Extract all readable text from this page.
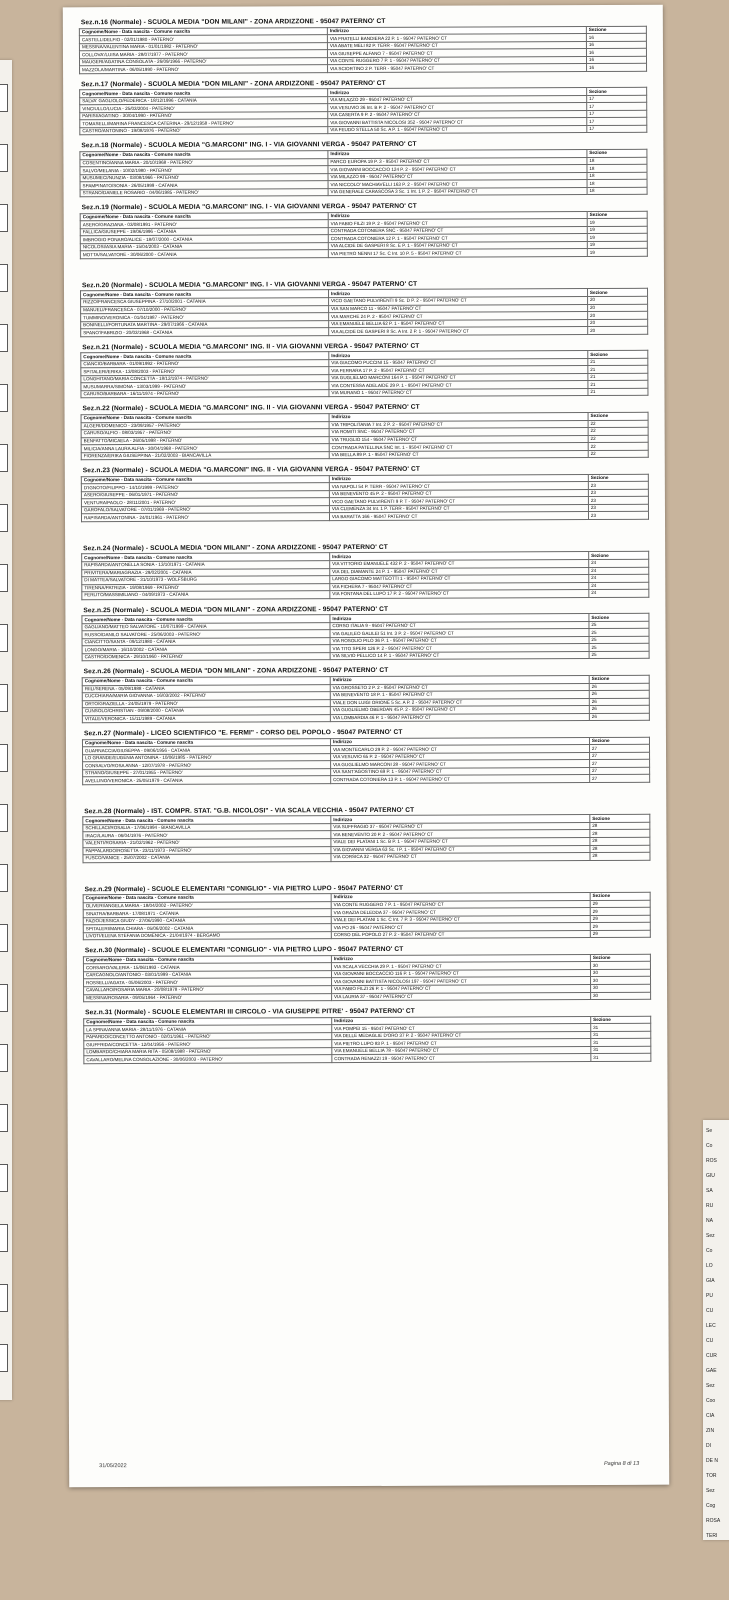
Se
Co
ROS
GIU
SA
RU
NA
Sez
Co
LO
GIA
PU
CU
LEC
CU
CUR
GAE
Sez
Coo
CIA
ZIN
DI
DE N
TOR
Sez
Cog
ROSA
TERI
Sez.n.16 (Normale) - SCUOLA MEDIA "DON MILANI" - ZONA ARDIZZONE - 95047 PATERNO' CT
Cognome/Nome - Data nascita - Comune nascita	Indirizzo	Sezione
CASTELLIDELFIO - 02/01/1980 - PATERNO'	VIA FRATELLI BANDIERA 22 P. 1 - 95047 PATERNO' CT	16
MESSINA/VALENTINA MARIA - 01/01/1982 - PATERNO'	VIA ABATE MELI 82 P. TERR - 95047 PATERNO' CT	16
COLLOVA'/LUISA MARIA - 28/07/1977 - PATERNO'	VIA GIUSEPPE ALFANO 7 - 95047 PATERNO' CT	16
MAUGERI/AGATINA CONSOLATA - 26/09/1966 - PATERNO'	VIA CONTE RUGGERO 7 P. 1 - 95047 PATERNO' CT	16
MAZZOLA/MARTINA - 06/05/1990 - PATERNO'	VIA SCIORTINO 2 P. TERR - 95047 PATERNO' CT	16
Sez.n.17 (Normale) - SCUOLA MEDIA "DON MILANI" - ZONA ARDIZZONE - 95047 PATERNO' CT
Cognome/Nome - Data nascita - Comune nascita	Indirizzo	Sezione
SALVA' GAGLIOLO/FEDERICA - 18/12/1996 - CATANIA	VIA MILAZZO 29 - 95047 PATERNO' CT	17
VINCIULLO/LUCIA - 25/03/2004 - PATERNO'	VIA VESUVIO 36 Int. B P. 2 - 95047 PATERNO' CT	17
PARISI/AGATINO - 30/04/1990 - PATERNO'	VIA CASERTA 9 P. 2 - 95047 PATERNO' CT	17
TOMASELLI/MARINA FRANCESCA CATERINA - 29/12/1958 - PATERNO'	VIA GIOVANNI BATTISTA NICOLOSI 352 - 95047 PATERNO' CT	17
CASTRO/ANTONINO - 19/08/1976 - PATERNO'	VIA FEUDO STELLA 50 Sc. A P. 1 - 95047 PATERNO' CT	17
Sez.n.18 (Normale) - SCUOLA MEDIA "G.MARCONI" ING. I - VIA GIOVANNI VERGA - 95047 PATERNO' CT
Cognome/Nome - Data nascita - Comune nascita	Indirizzo	Sezione
COSENTINO/ANNA MARIA - 20/10/1968 - PATERNO'	PARCO EUROPA 19 P. 3 - 95047 PATERNO' CT	18
SALVO/MELANIA - 10/02/1980 - PATERNO'	VIA GIOVANNI BOCCACCIO 124 P. 2 - 95047 PATERNO' CT	18
MUSUMECI/NUNZIA - 03/08/1966 - PATERNO'	VIA MILAZZO 99 - 95047 PATERNO' CT	18
SPAMPINATO/SONIA - 26/05/1999 - CATANIA	VIA NICCOLO' MACHIAVELLI 163 P. 2 - 95047 PATERNO' CT	18
STRANO/DANIELE ROSARIO - 04/06/1985 - PATERNO'	VIA GENERALE CARASCOSA 3 Sc. 1 Int. 1 P. 2 - 95047 PATERNO' CT	18
Sez.n.19 (Normale) - SCUOLA MEDIA "G.MARCONI" ING. I - VIA GIOVANNI VERGA - 95047 PATERNO' CT
Cognome/Nome - Data nascita - Comune nascita	Indirizzo	Sezione
ASERO/GRAZIANA - 03/08/1991 - PATERNO'	VIA FABIO FILZI 19 P. 2 - 95047 PATERNO' CT	19
FALLICA/GIUSEPPE - 19/06/1996 - CATANIA	CONTRADA COTONIERA SNC - 95047 PATERNO' CT	19
IMBROGIO PONARO/ALICE - 18/07/2000 - CATANIA	CONTRADA COTONIERA 12 P. 1 - 95047 PATERNO' CT	19
NICOLOSI/ASIA MARIA - 15/04/2003 - CATANIA	VIA ALCIDE DE GASPERI 8 Sc. E P. 1 - 95047 PATERNO' CT	19
MOTTA/SALVATORE - 30/06/2000 - CATANIA	VIA PIETRO NENNI 17 Sc. C Int. 10 P. 5 - 95047 PATERNO' CT	19
Sez.n.20 (Normale) - SCUOLA MEDIA "G.MARCONI" ING. I - VIA GIOVANNI VERGA - 95047 PATERNO' CT
Cognome/Nome - Data nascita - Comune nascita	Indirizzo	Sezione
RIZZO/FRANCESCA GIUSEPPINA - 27/10/2001 - CATANIA	VICO GAETANO PULVIRENTI 9 Sc. D P. 2 - 95047 PATERNO' CT	20
MANUELI/FRANCESCA - 07/10/2000 - PATERNO'	VIA SAN MARCO 11 - 95047 PATERNO' CT	20
TUMMINO/VERONICA - 01/04/1987 - PATERNO'	VIA MARCHE 24 P. 2 - 95047 PATERNO' CT	20
BONINELLI/FORTUNATA MARTINA - 29/07/1966 - CATANIA	VIA EMANUELE BELLIA 62 P. 1 - 95047 PATERNO' CT	20
SPANO'/FABRIZIO - 20/03/1968 - CATANIA	VIA ALCIDE DE GASPERI 8 Sc. A Int. 2 P. 1 - 95047 PATERNO' CT	20
Sez.n.21 (Normale) - SCUOLA MEDIA "G.MARCONI" ING. II - VIA GIOVANNI VERGA - 95047 PATERNO' CT
Cognome/Nome - Data nascita - Comune nascita	Indirizzo	Sezione
CIANCIO/BARBARA - 01/09/1992 - PATERNO'	VIA GIACOMO PUCCINI 15 - 95047 PATERNO' CT	21
SPITALERI/ERIKA - 13/08/2003 - PATERNO'	VIA FERRARA 17 P. 2 - 95047 PATERNO' CT	21
LONGHITANO/MARIA CONCETTA - 18/12/1974 - PATERNO'	VIA GUGLIELMO MARCONI 164 P. 1 - 95047 PATERNO' CT	21
MUSUMARRA/SIMONA - 13/03/1999 - PATERNO'	VIA CONTESSA ADELAIDE 29 P. 1 - 95047 PATERNO' CT	21
CARUSO/BARBARA - 16/11/1974 - PATERNO'	VIA MURANO 1 - 95047 PATERNO' CT	21
Sez.n.22 (Normale) - SCUOLA MEDIA "G.MARCONI" ING. II - VIA GIOVANNI VERGA - 95047 PATERNO' CT
Cognome/Nome - Data nascita - Comune nascita	Indirizzo	Sezione
ALGERI/DOMENICO - 23/09/1957 - PATERNO'	VIA TRIPOLITANIA 7 Int. 2 P. 2 - 95047 PATERNO' CT	22
CARUSO/ALFIO - 08/03/1957 - PATERNO'	VIA ROMITI SNC - 95047 PATERNO' CT	22
BENFATTO/MICAELA - 26/05/1998 - PATERNO'	VIA TRUGLIO 154 - 95047 PATERNO' CT	22
MILICIA/ANNA LAURA ALFIA - 30/04/1968 - PATERNO'	CONTRADA PATELLINA SNC Int. 1 - 95047 PATERNO' CT	22
FIORENZA/ERIKA GIUSEPPINA - 21/02/2003 - BIANCAVILLA	VIA BIELLA 89 P. 1 - 95047 PATERNO' CT	22
Sez.n.23 (Normale) - SCUOLA MEDIA "G.MARCONI" ING. II - VIA GIOVANNI VERGA - 95047 PATERNO' CT
Cognome/Nome - Data nascita - Comune nascita	Indirizzo	Sezione
D'IGNOTO/FILIPPO - 14/10/1999 - PATERNO'	VIA NAPOLI 54 P. TERR - 95047 PATERNO' CT	23
ASERO/GIUSEPPE - 06/01/1971 - PATERNO'	VIA BENEVENTO 45 P. 2 - 95047 PATERNO' CT	23
VENTURA/PAOLO - 28/11/2001 - PATERNO'	VICO GAETANO PULVIRENTI 9 P. T - 95047 PATERNO' CT	23
GAROFALO/SALVATORE - 07/01/1969 - PATERNO'	VIA CLEMENZA 34 Int. 1 P. TERR - 95047 PATERNO' CT	23
RAPISARDA/ANTONINA - 24/01/1961 - PATERNO'	VIA BARATTA 166 - 95047 PATERNO' CT	23
Sez.n.24 (Normale) - SCUOLA MEDIA "DON MILANI" - ZONA ARDIZZONE - 95047 PATERNO' CT
Cognome/Nome - Data nascita - Comune nascita	Indirizzo	Sezione
RAPISARDA/ANTONELLA SONIA - 13/10/1971 - CATANIA	VIA VITTORIO EMANUELE 432 P. 2 - 95047 PATERNO' CT	24
PRIVITERA/MARIAGRAZIA - 29/02/2001 - CATANIA	VIA DEL DIAMANTE 24 P. 1 - 95047 PATERNO' CT	24
DI MATTEA/SALVATORE - 31/10/1973 - WOLFSBURG	LARGO GIACOMO MATTEOTTI 1 - 95047 PATERNO' CT	24
TIRENNA/PATRIZIA - 19/08/1969 - PATERNO'	VIA FICHERA 7 - 95047 PATERNO' CT	24
FERLITO/MASSIMILIANO - 04/09/1973 - CATANIA	VIA FONTANA DEL LUPO 17 P. 2 - 95047 PATERNO' CT	24
Sez.n.25 (Normale) - SCUOLA MEDIA "DON MILANI" - ZONA ARDIZZONE - 95047 PATERNO' CT
Cognome/Nome - Data nascita - Comune nascita	Indirizzo	Sezione
GAGLIANO/MATTEO SALVATORE - 10/07/1999 - CATANIA	CORSO ITALIA 9 - 95047 PATERNO' CT	25
RUSSO/DANILO SALVATORE - 25/06/2003 - PATERNO'	VIA GALILEO GALILEI 51 Int. 3 P. 2 - 95047 PATERNO' CT	25
CIANCITTO/SANTA - 09/12/1980 - CATANIA	VIA ROSOLIO PILO 36 P. 1 - 95047 PATERNO' CT	25
LONGO/MARIA - 16/10/2002 - CATANIA	VIA TITO SPERI 126 P. 2 - 95047 PATERNO' CT	25
CASTRO/DOMENICA - 29/10/1960 - PATERNO'	VIA SILVIO PELLICO 14 P. 1 - 95047 PATERNO' CT	25
Sez.n.26 (Normale) - SCUOLA MEDIA "DON MILANI" - ZONA ARDIZZONE - 95047 PATERNO' CT
Cognome/Nome - Data nascita - Comune nascita	Indirizzo	Sezione
RIILI/SERENA - 05/09/1988 - CATANIA	VIA GROSSETO 2 P. 2 - 95047 PATERNO' CT	26
CUCCHIARA/MARIA GIOVANNA - 16/03/2002 - PATERNO'	VIA BENEVENTO 18 P. 1 - 95047 PATERNO' CT	26
ORTO/GRAZIELLA - 24/05/1979 - PATERNO'	VIALE DON LUIGI ORIONE 5 Sc. A P. 2 - 95047 PATERNO' CT	26
CUNSOLO/CHRISTIAN - 09/08/2000 - CATANIA	VIA GUGLIELMO OBERDAN 45 P. 2 - 95047 PATERNO' CT	26
VITALE/VERONICA - 15/11/1989 - CATANIA	VIA LOMBARDIA 46 P. 1 - 95047 PATERNO' CT	26
Sez.n.27 (Normale) - LICEO SCIENTIFICO "E. FERMI" - CORSO DEL POPOLO - 95047 PATERNO' CT
Cognome/Nome - Data nascita - Comune nascita	Indirizzo	Sezione
GUARNACCIA/GIUSEPPA - 09/06/1956 - CATANIA	VIA MONTECARLO 29 P. 2 - 95047 PATERNO' CT	27
LO GRANDE/EUGENIA ANTONINA - 10/06/1985 - PATERNO'	VIA VESUVIO 65 P. 2 - 95047 PATERNO' CT	27
CONSALVO/ROSA ANNA - 12/07/1978 - PATERNO'	VIA GUGLIELMO MARCONI 28 - 95047 PATERNO' CT	27
STRANO/GIUSEPPE - 27/01/1955 - PATERNO'	VIA SANT'AGOSTINO 69 P. 1 - 95047 PATERNO' CT	27
AVELLINO/VERONICA - 25/05/1979 - CATANIA	CONTRADA COTONIERA 13 P. 1 - 95047 PATERNO' CT	27
Sez.n.28 (Normale) - IST. COMPR. STAT. "G.B. NICOLOSI" - VIA SCALA VECCHIA - 95047 PATERNO' CT
Cognome/Nome - Data nascita - Comune nascita	Indirizzo	Sezione
SCHILLACI/ROSALIA - 17/06/1994 - BIANCAVILLA	VIA SUFFRAGIO 37 - 95047 PATERNO' CT	28
IRACI/LAURA - 06/04/1976 - PATERNO'	VIA BENEVENTO 20 P. 2 - 95047 PATERNO' CT	28
VALENTI/ROSARIA - 21/02/1962 - PATERNO'	VIALE DEI PLATANI 1 Sc. B P. 1 - 95047 PATERNO' CT	28
PAPPALARDO/ROSETTA - 23/11/1973 - PATERNO'	VIA GIOVANNI VERGA 63 Sc. I P. 1 - 95047 PATERNO' CT	28
FUSCO/VANICE - 25/07/2002 - CATANIA	VIA CORSICA 32 - 95047 PATERNO' CT	28
Sez.n.29 (Normale) - SCUOLE ELEMENTARI "CONIGLIO" - VIA PIETRO LUPO - 95047 PATERNO' CT
Cognome/Nome - Data nascita - Comune nascita	Indirizzo	Sezione
OLIVERI/ANGELA MARIA - 18/04/2002 - PATERNO'	VIA CONTE RUGGERO 7 P. 1 - 95047 PATERNO' CT	29
SINATRA/BARBARA - 17/08/1971 - CATANIA	VIA GRAZIA DELEDDA 37 - 95047 PATERNO' CT	29
FAZIO/JESSICA GIUDY - 27/06/1990 - CATANIA	VIALE DEI PLATANI 1 Sc. C Int. 7 P. 3 - 95047 PATERNO' CT	29
SPITALERI/MARIA CHIARA - 05/06/2002 - CATANIA	VIA PO 26 - 95047 PATERNO' CT	29
LIVOTI/ELENA STEFANIA DOMENICA - 21/04/1974 - BERGAMO	CORSO DEL POPOLO 27 P. 2 - 95047 PATERNO' CT	29
Sez.n.30 (Normale) - SCUOLE ELEMENTARI "CONIGLIO" - VIA PIETRO LUPO - 95047 PATERNO' CT
Cognome/Nome - Data nascita - Comune nascita	Indirizzo	Sezione
CORSARO/VALERIA - 15/06/1993 - CATANIA	VIA SCALA VECCHIA 29 P. 1 - 95047 PATERNO' CT	30
CARCAGNOLO/ANTONIO - 03/01/1999 - CATANIA	VIA GIOVANNI BOCCACCIO 116 P. 1 - 95047 PATERNO' CT	30
ROSSELLI/AGATA - 05/06/2003 - PATERNO'	VIA GIOVANNI BATTISTA NICOLOSI 197 - 95047 PATERNO' CT	30
CAVALLARO/ROSARIA MARIA - 20/08/1978 - PATERNO'	VIA FABIO FILZI 26 P. 1 - 95047 PATERNO' CT	30
MESSINA/ROSARIA - 09/05/1964 - PATERNO'	VIA LAURIA 37 - 95047 PATERNO' CT	30
Sez.n.31 (Normale) - SCUOLE ELEMENTARI III CIRCOLO - VIA GIUSEPPE PITRE' - 95047 PATERNO' CT
Cognome/Nome - Data nascita - Comune nascita	Indirizzo	Sezione
LA SPINA/ANNA MARIA - 28/11/1976 - CATANIA	VIA POMPEI 15 - 95047 PATERNO' CT	31
PAPARDO/CONCETTO ANTONIO - 02/01/1961 - PATERNO'	VIA DELLE MEDAGLIE D'ORO 37 P. 2 - 95047 PATERNO' CT	31
GIUFFRIDA/CONCETTA - 12/04/1956 - PATERNO'	VIA PIETRO LUPO 83 P. 1 - 95047 PATERNO' CT	31
LOMBARDO/CHIARA MARIA RITA - 05/08/1988 - PATERNO'	VIA EMANUELE BELLIA 78 - 95047 PATERNO' CT	31
CAVALLARO/MELINA CONSOLAZIONE - 30/06/2003 - PATERNO'	CONTRADA RENAZZI 19 - 95047 PATERNO' CT	31
31/05/2022	Pagina 8 di 13
